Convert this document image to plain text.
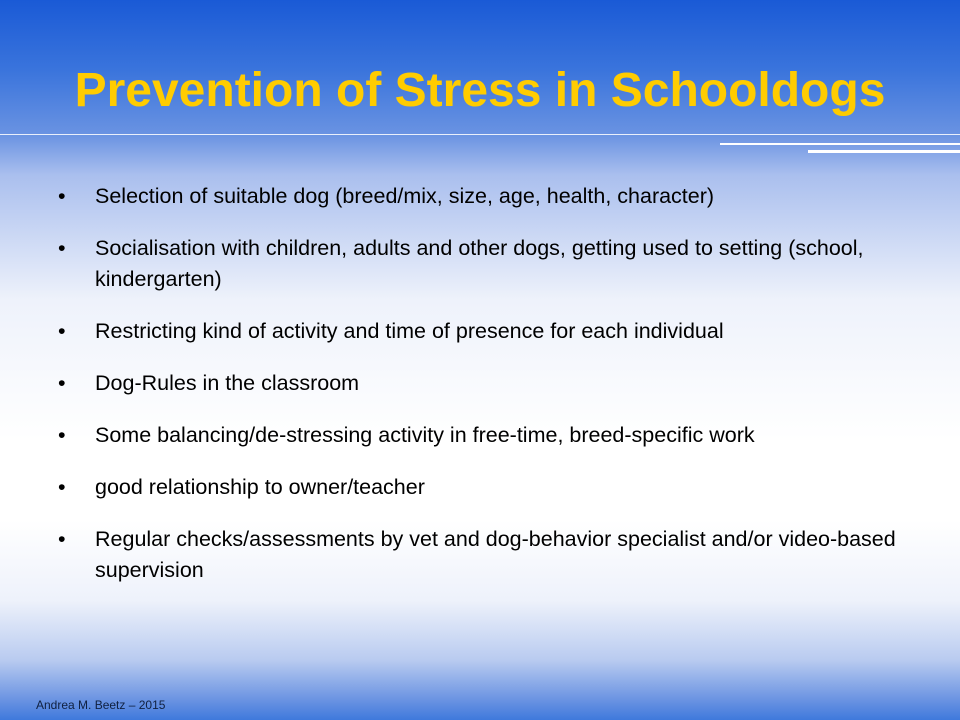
Prevention of Stress in Schooldogs
•	Selection of suitable dog (breed/mix, size, age, health, character)
•	Socialisation with children, adults and other dogs, getting used to setting (school, kindergarten)
•	Restricting kind of activity and time of presence for each individual
•	Dog-Rules in the classroom
•	Some balancing/de-stressing activity in free-time, breed-specific work
•	good relationship to owner/teacher
•	Regular checks/assessments by vet and dog-behavior specialist and/or video-based supervision
Andrea M. Beetz – 2015
